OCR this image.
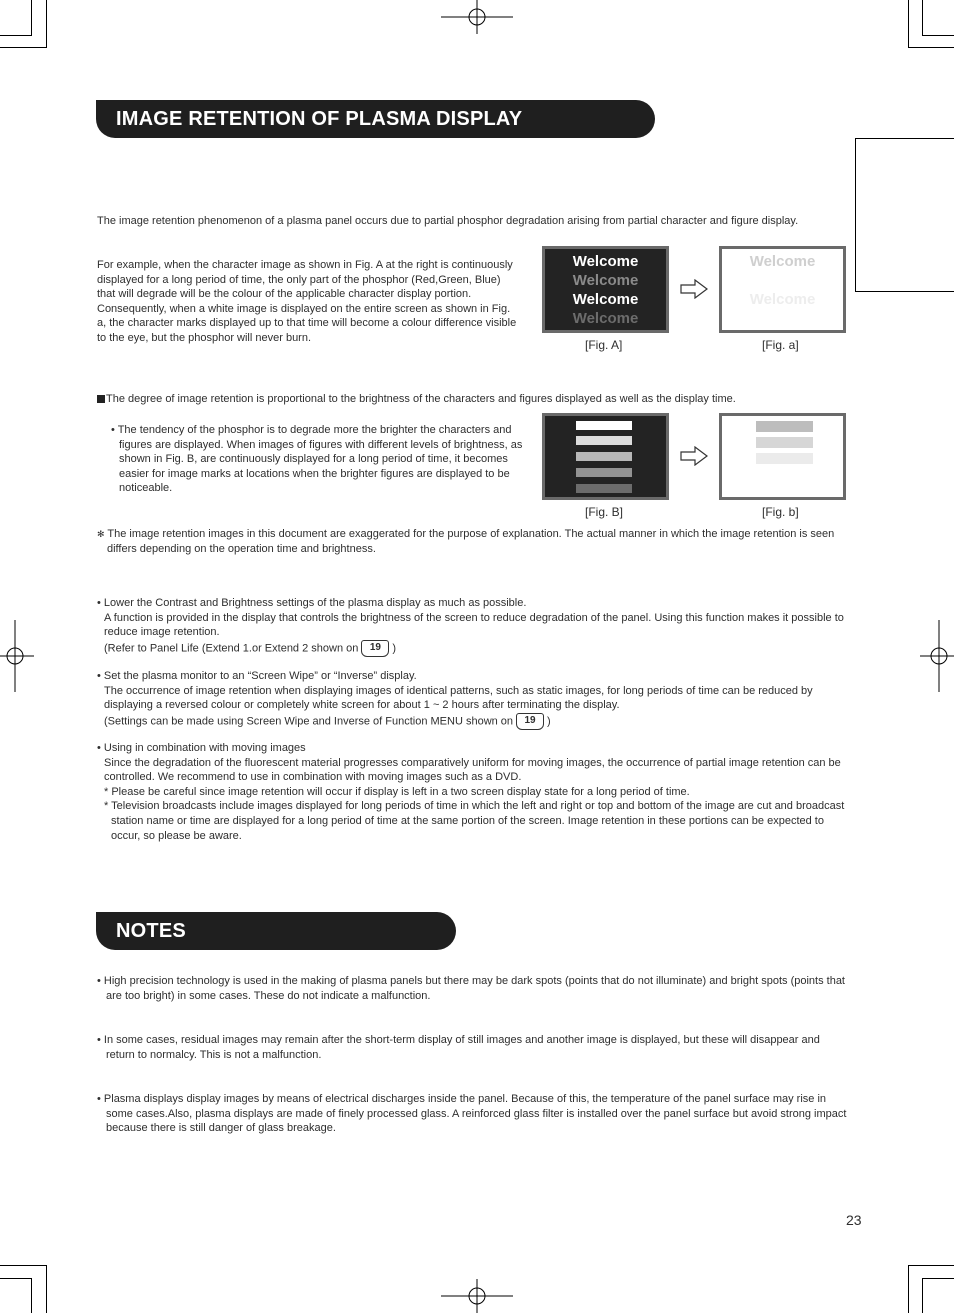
IMAGE RETENTION OF PLASMA DISPLAY

The image retention phenomenon of a plasma panel occurs due to partial phosphor degradation arising from partial character and figure display.

For example, when the character image as shown in Fig. A at the right is continuously displayed for a long period of time, the only part of the phosphor (Red,Green, Blue) that will degrade will be the colour of the applicable character display portion. Consequently, when a white image is displayed on the entire screen as shown in Fig. a, the character marks displayed up to that time will become a colour difference visible to the eye, but the phosphor will never burn.

Welcome
Welcome
Welcome
Welcome
[Fig. A]
Welcome
Welcome
[Fig. a]

The degree of image retention is proportional to the brightness of the characters and figures displayed as well as the display time.

• The tendency of the phosphor is to degrade more the brighter the characters and figures are displayed. When images of figures with different levels of brightness, as shown in Fig. B, are continuously displayed for a long period of time, it becomes easier for image marks at locations when the brighter figures are displayed to be noticeable.

[Fig. B]	[Fig. b]

✻ The image retention images in this document are exaggerated for the purpose of explanation. The actual manner in which the image retention is seen differs depending on the operation time and brightness.

• Lower the Contrast and Brightness settings of the plasma display as much as possible.

A function is provided in the display that controls the brightness of the screen to reduce degradation of the panel. Using this function makes it possible to reduce image retention.

(Refer to Panel Life (Extend 1.or Extend 2 shown on 19 )

• Set the plasma monitor to an “Screen Wipe” or “Inverse” display.

The occurrence of image retention when displaying images of identical patterns, such as static images, for long periods of time can be reduced by displaying a reversed colour or completely white screen for about 1 ~ 2 hours after terminating the display.

(Settings can be made using Screen Wipe and Inverse of Function MENU shown on 19 )

• Using in combination with moving images

Since the degradation of the fluorescent material progresses comparatively uniform for moving images, the occurrence of partial image retention can be controlled. We recommend to use in combination with moving images such as a DVD.

* Please be careful since image retention will occur if display is left in a two screen display state for a long period of time.

* Television broadcasts include images displayed for long periods of time in which the left and right or top and bottom of the image are cut and broadcast station name or time are displayed for a long period of time at the same portion of the screen. Image retention in these portions can be expected to occur, so please be aware.

NOTES

• High precision technology is used in the making of plasma panels but there may be dark spots (points that do not illuminate) and bright spots (points that are too bright) in some cases. These do not indicate a malfunction.

• In some cases, residual images may remain after the short-term display of still images and another image is displayed, but these will disappear and return to normalcy. This is not a malfunction.

• Plasma displays display images by means of electrical discharges inside the panel. Because of this, the temperature of the panel surface may rise in some cases.Also, plasma displays are made of finely processed glass. A reinforced glass filter is installed over the panel surface but avoid strong impact because there is still danger of glass breakage.

23
